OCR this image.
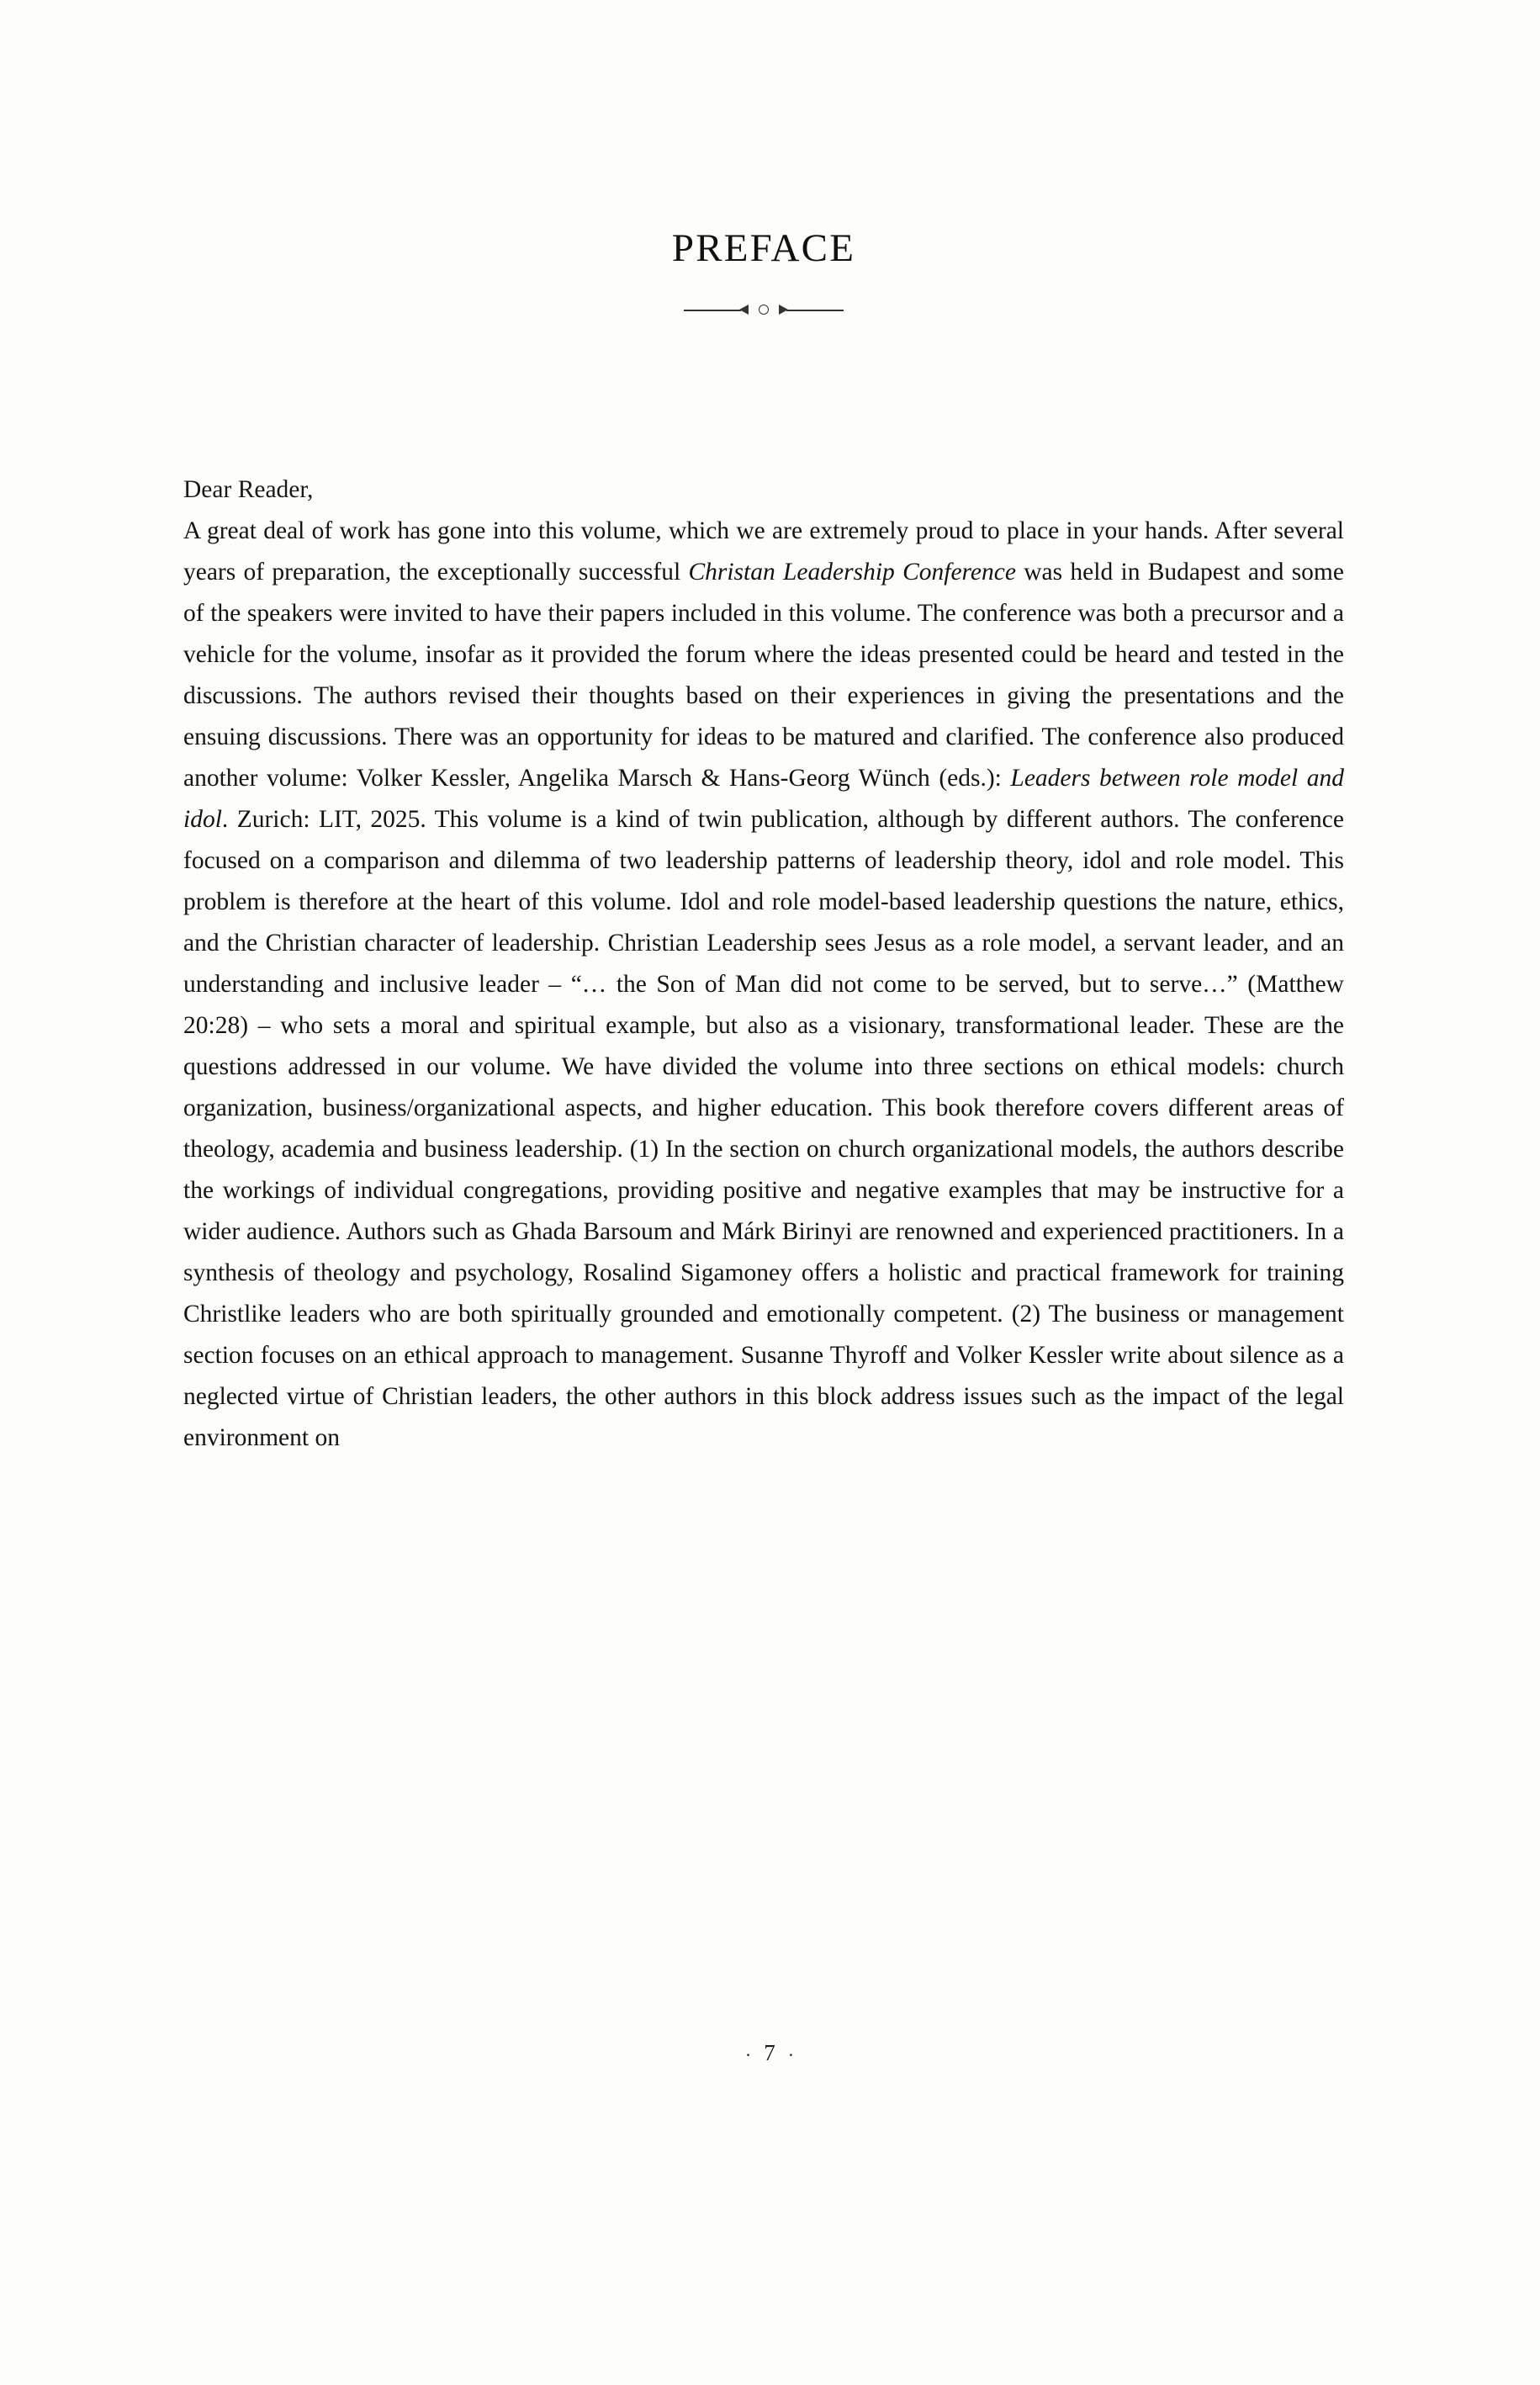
PREFACE
Dear Reader,
A great deal of work has gone into this volume, which we are extremely proud to place in your hands. After several years of preparation, the exceptionally successful Christan Leadership Conference was held in Budapest and some of the speakers were invited to have their papers included in this volume. The conference was both a precursor and a vehicle for the volume, insofar as it provided the forum where the ideas presented could be heard and tested in the discussions. The authors revised their thoughts based on their experiences in giving the presentations and the ensuing discussions. There was an opportunity for ideas to be matured and clarified. The conference also produced another volume: Volker Kessler, Angelika Marsch & Hans-Georg Wünch (eds.): Leaders between role model and idol. Zurich: LIT, 2025. This volume is a kind of twin publication, although by different authors. The conference focused on a comparison and dilemma of two leadership patterns of leadership theory, idol and role model. This problem is therefore at the heart of this volume. Idol and role model-based leadership questions the nature, ethics, and the Christian character of leadership. Christian Leadership sees Jesus as a role model, a servant leader, and an understanding and inclusive leader – “… the Son of Man did not come to be served, but to serve…” (Matthew 20:28) – who sets a moral and spiritual example, but also as a visionary, transformational leader. These are the questions addressed in our volume. We have divided the volume into three sections on ethical models: church organization, business/organizational aspects, and higher education. This book therefore covers different areas of theology, academia and business leadership. (1) In the section on church organizational models, the authors describe the workings of individual congregations, providing positive and negative examples that may be instructive for a wider audience. Authors such as Ghada Barsoum and Márk Birinyi are renowned and experienced practitioners. In a synthesis of theology and psychology, Rosalind Sigamoney offers a holistic and practical framework for training Christlike leaders who are both spiritually grounded and emotionally competent. (2) The business or management section focuses on an ethical approach to management. Susanne Thyroff and Volker Kessler write about silence as a neglected virtue of Christian leaders, the other authors in this block address issues such as the impact of the legal environment on
· 7 ·
